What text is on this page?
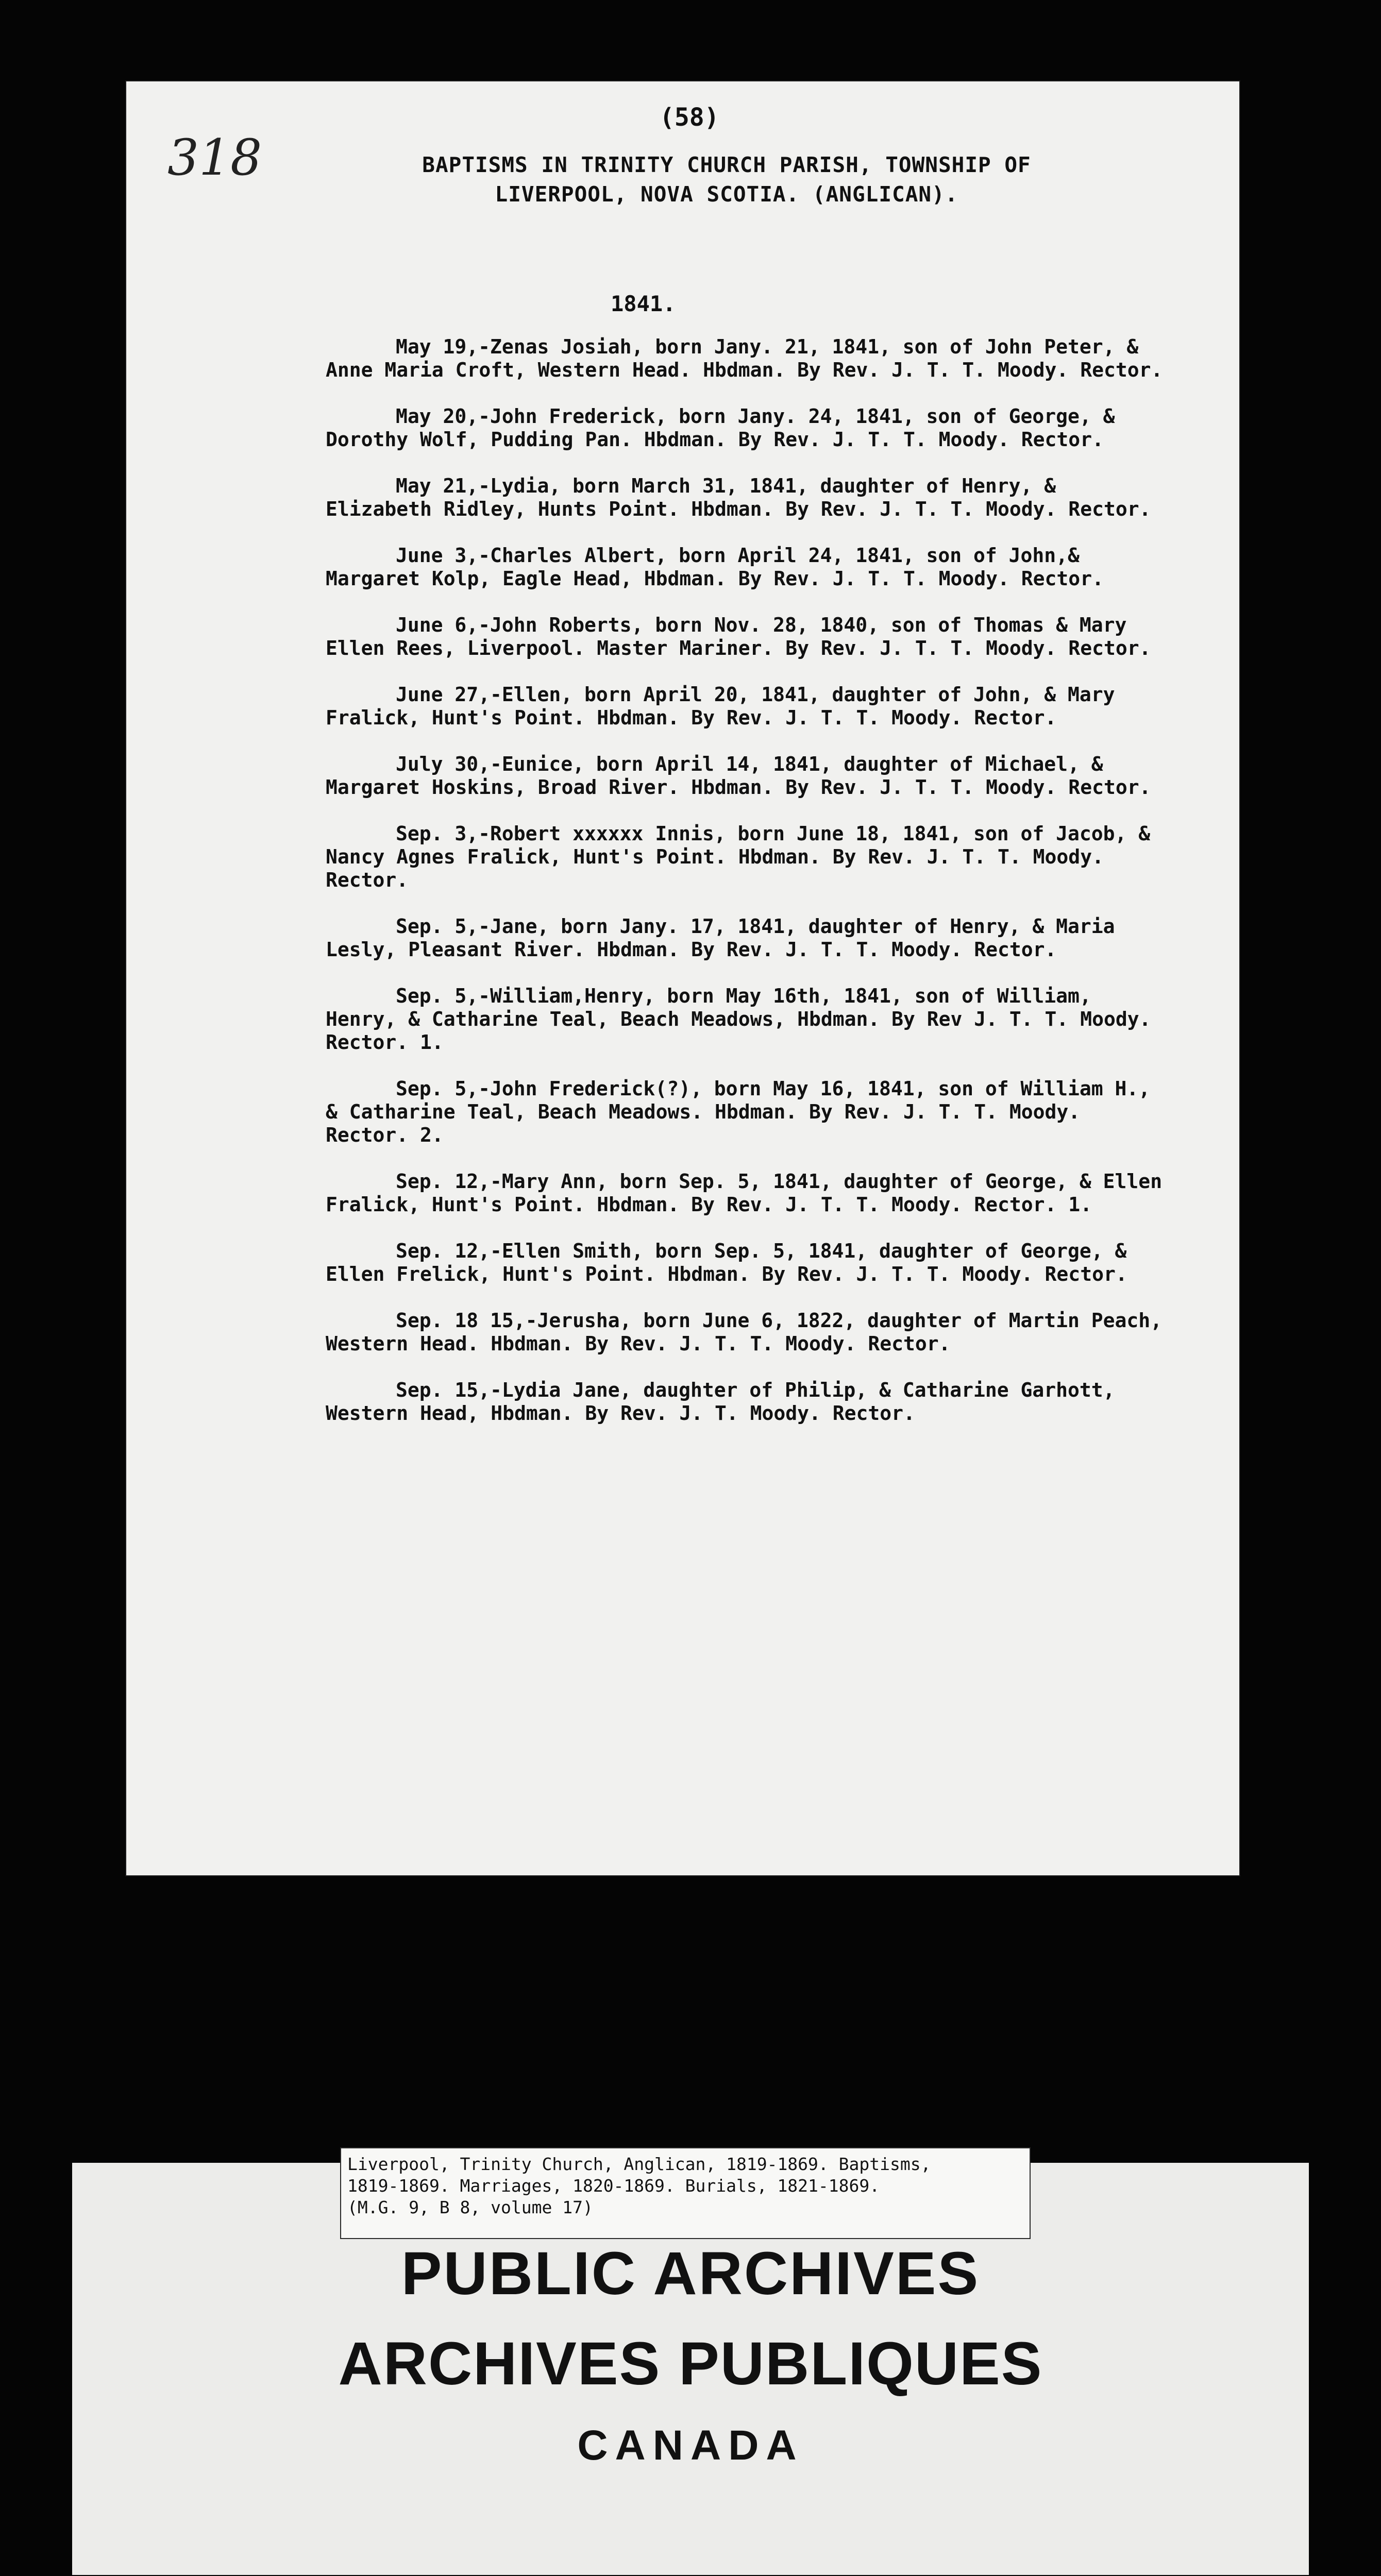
318
(58)
BAPTISMS IN TRINITY CHURCH PARISH, TOWNSHIP OF
LIVERPOOL, NOVA SCOTIA. (ANGLICAN).
1841.

May 19,-Zenas Josiah, born Jany. 21, 1841, son of John Peter, & Anne Maria Croft, Western Head. Hbdman. By Rev. J. T. T. Moody. Rector.

May 20,-John Frederick, born Jany. 24, 1841, son of George, & Dorothy Wolf, Pudding Pan. Hbdman. By Rev. J. T. T. Moody. Rector.

May 21,-Lydia, born March 31, 1841, daughter of Henry, & Elizabeth Ridley, Hunts Point. Hbdman. By Rev. J. T. T. Moody. Rector.

June 3,-Charles Albert, born April 24, 1841, son of John,& Margaret Kolp, Eagle Head, Hbdman. By Rev. J. T. T. Moody. Rector.

June 6,-John Roberts, born Nov. 28, 1840, son of Thomas & Mary Ellen Rees, Liverpool. Master Mariner. By Rev. J. T. T. Moody. Rector.

June 27,-Ellen, born April 20, 1841, daughter of John, & Mary Fralick, Hunt's Point. Hbdman. By Rev. J. T. T. Moody. Rector.

July 30,-Eunice, born April 14, 1841, daughter of Michael, & Margaret Hoskins, Broad River. Hbdman. By Rev. J. T. T. Moody. Rector.

Sep. 3,-Robert xxxxxx Innis, born June 18, 1841, son of Jacob, & Nancy Agnes Fralick, Hunt's Point. Hbdman. By Rev. J. T. T. Moody. Rector.

Sep. 5,-Jane, born Jany. 17, 1841, daughter of Henry, & Maria Lesly, Pleasant River. Hbdman. By Rev. J. T. T. Moody. Rector.

Sep. 5,-William,Henry, born May 16th, 1841, son of William, Henry, & Catharine Teal, Beach Meadows, Hbdman. By Rev J. T. T. Moody. Rector. 1.

Sep. 5,-John Frederick(?), born May 16, 1841, son of William H., & Catharine Teal, Beach Meadows. Hbdman. By Rev. J. T. T. Moody. Rector. 2.

Sep. 12,-Mary Ann, born Sep. 5, 1841, daughter of George, & Ellen Fralick, Hunt's Point. Hbdman. By Rev. J. T. T. Moody. Rector. 1.

Sep. 12,-Ellen Smith, born Sep. 5, 1841, daughter of George, & Ellen Frelick, Hunt's Point. Hbdman. By Rev. J. T. T. Moody. Rector.

Sep. 18 15,-Jerusha, born June 6, 1822, daughter of Martin Peach, Western Head. Hbdman. By Rev. J. T. T. Moody. Rector.

Sep. 15,-Lydia Jane, daughter of Philip, & Catharine Garhott, Western Head, Hbdman. By Rev. J. T. Moody. Rector.

Liverpool, Trinity Church, Anglican, 1819-1869. Baptisms,
1819-1869. Marriages, 1820-1869. Burials, 1821-1869.
(M.G. 9, B 8, volume 17)
PUBLIC ARCHIVES
ARCHIVES PUBLIQUES
CANADA
